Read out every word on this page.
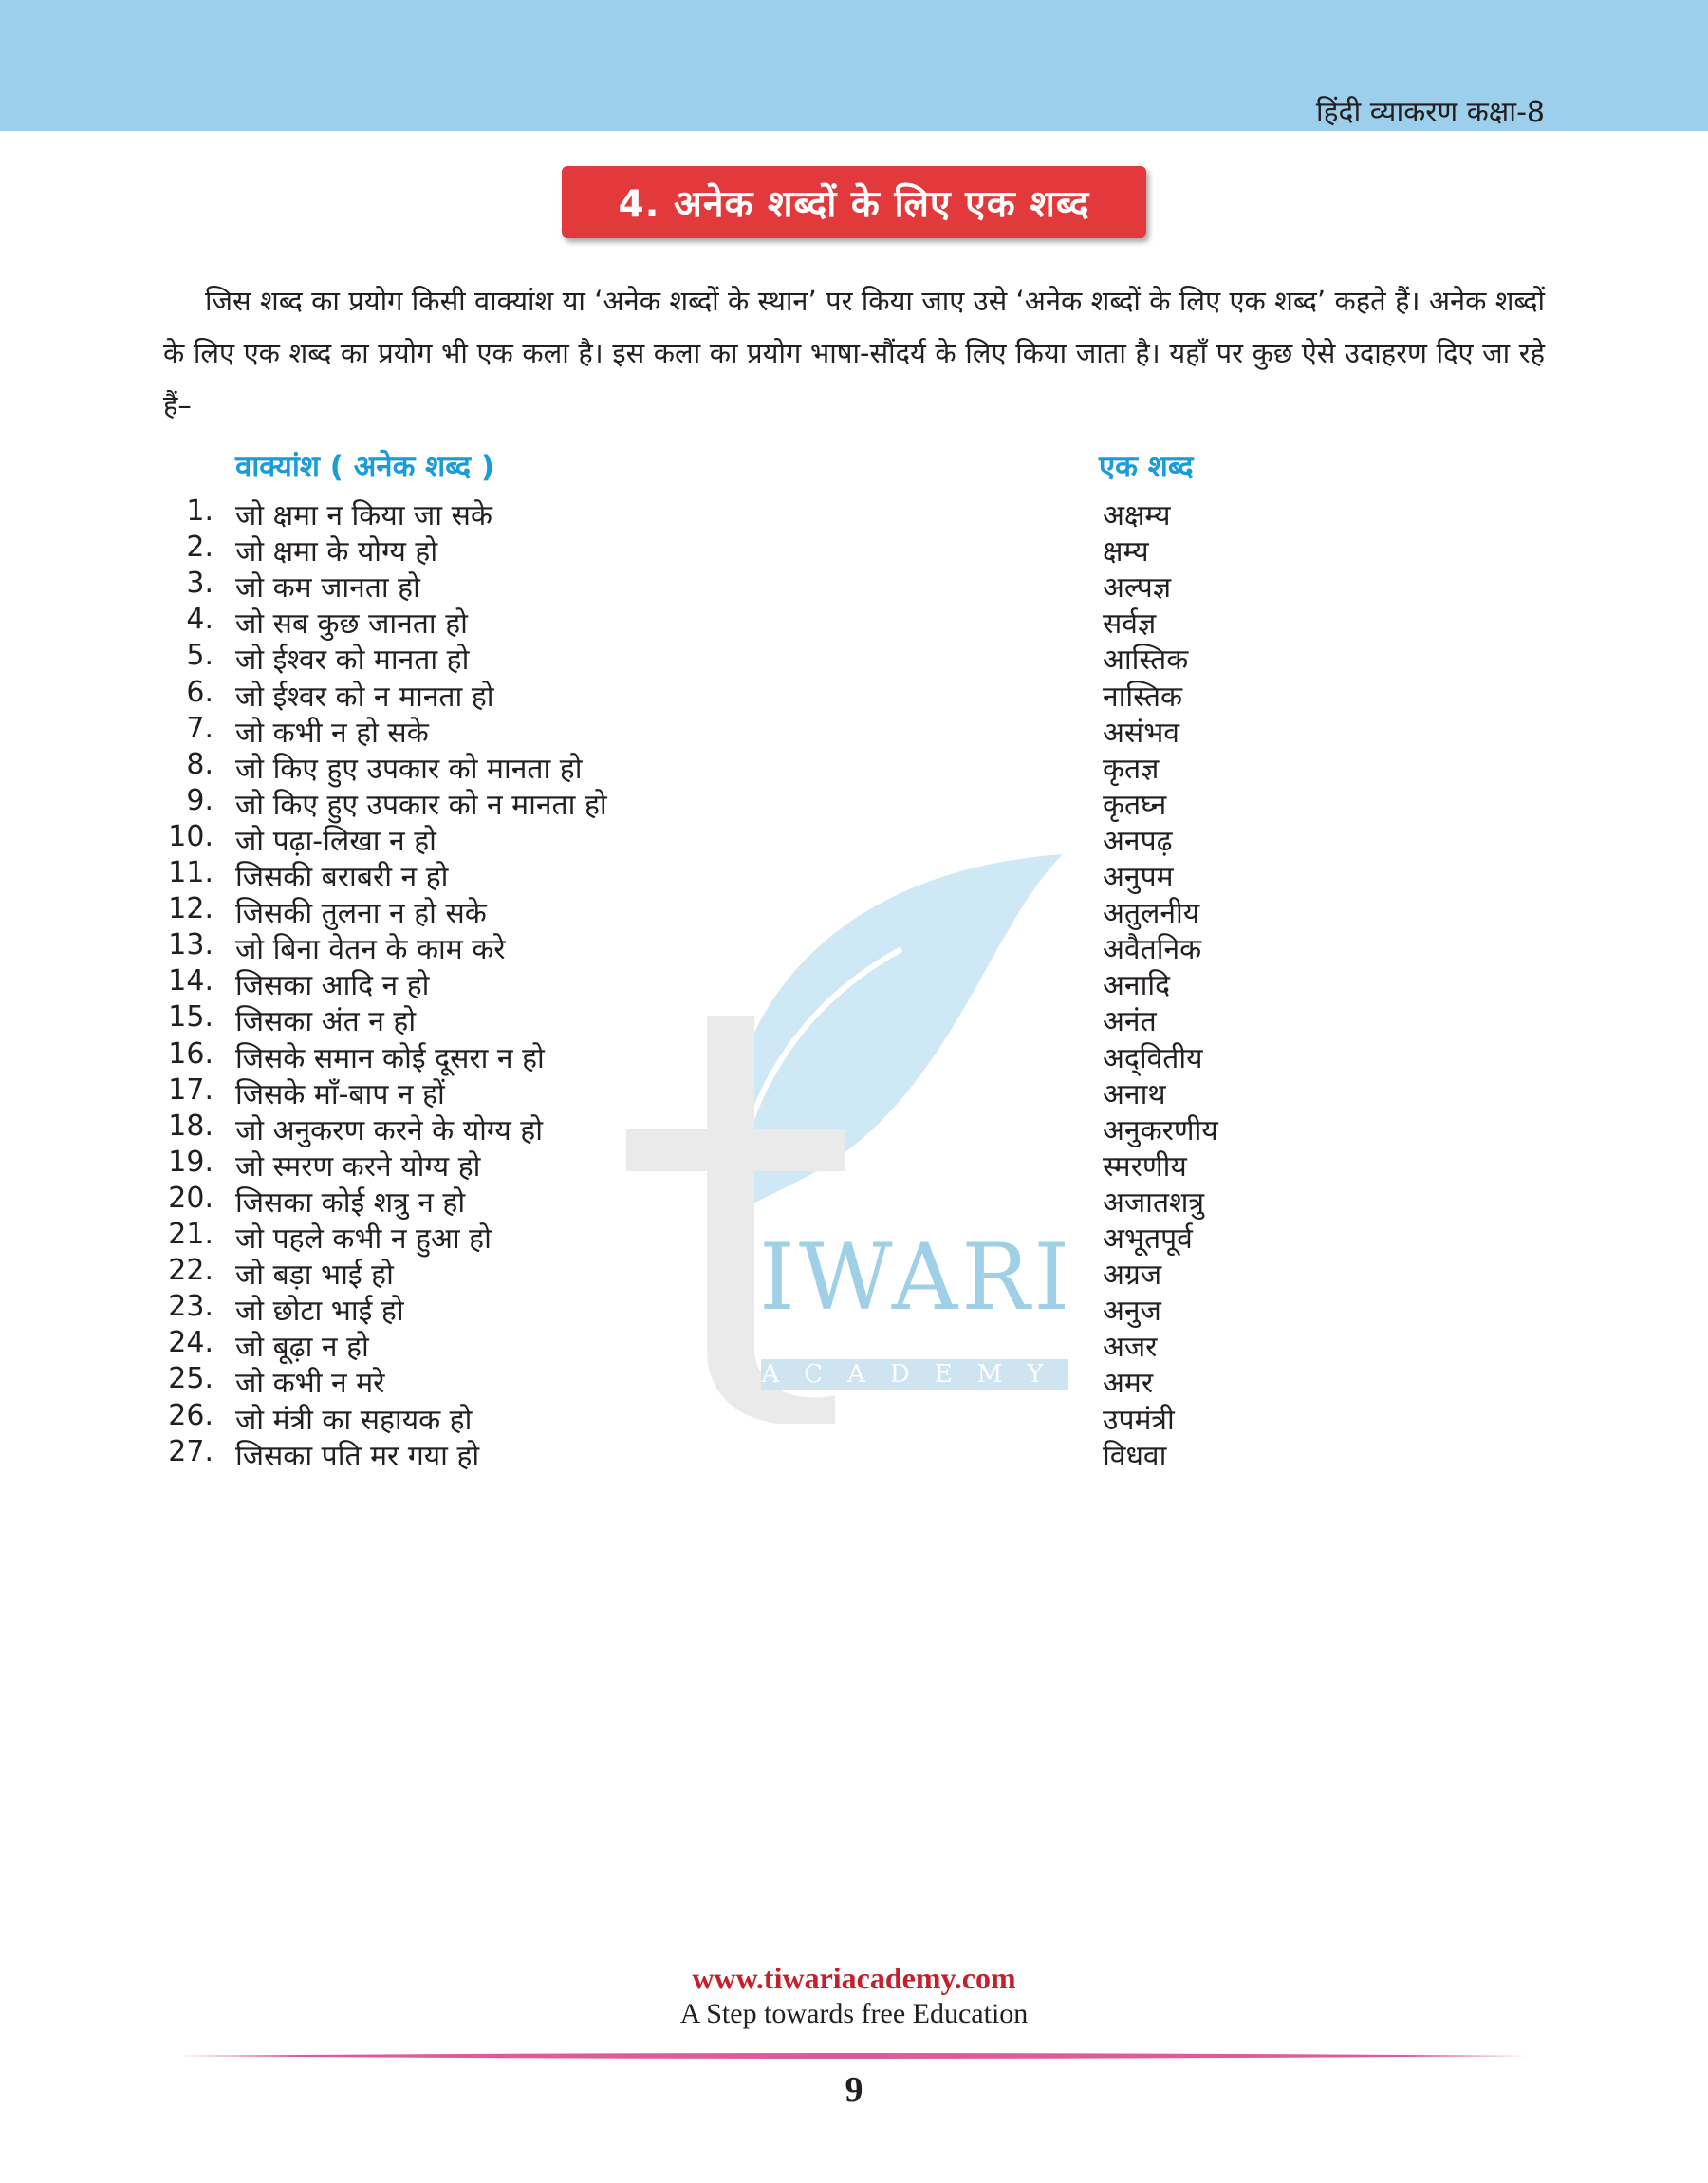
हिंदी व्याकरण कक्षा-8
4. अनेक शब्दों के लिए एक शब्द

जिस शब्द का प्रयोग किसी वाक्यांश या ‘अनेक शब्दों के स्थान’ पर किया जाए उसे ‘अनेक शब्दों के लिए एक शब्द’ कहते हैं। अनेक शब्दों के लिए एक शब्द का प्रयोग भी एक कला है। इस कला का प्रयोग भाषा-सौंदर्य के लिए किया जाता है। यहाँ पर कुछ ऐसे उदाहरण दिए जा रहे हैं–

IWARI
ACADEMY
वाक्यांश ( अनेक शब्द )	एक शब्द
1. जो क्षमा न किया जा सके	अक्षम्य
2. जो क्षमा के योग्य हो	क्षम्य
3. जो कम जानता हो	अल्पज्ञ
4. जो सब कुछ जानता हो	सर्वज्ञ
5. जो ईश्वर को मानता हो	आस्तिक
6. जो ईश्वर को न मानता हो	नास्तिक
7. जो कभी न हो सके	असंभव
8. जो किए हुए उपकार को मानता हो	कृतज्ञ
9. जो किए हुए उपकार को न मानता हो	कृतघ्न
10. जो पढ़ा-लिखा न हो	अनपढ़
11. जिसकी बराबरी न हो	अनुपम
12. जिसकी तुलना न हो सके	अतुलनीय
13. जो बिना वेतन के काम करे	अवैतनिक
14. जिसका आदि न हो	अनादि
15. जिसका अंत न हो	अनंत
16. जिसके समान कोई दूसरा न हो	अद्‌वितीय
17. जिसके माँ-बाप न हों	अनाथ
18. जो अनुकरण करने के योग्य हो	अनुकरणीय
19. जो स्मरण करने योग्य हो	स्मरणीय
20. जिसका कोई शत्रु न हो	अजातशत्रु
21. जो पहले कभी न हुआ हो	अभूतपूर्व
22. जो बड़ा भाई हो	अग्रज
23. जो छोटा भाई हो	अनुज
24. जो बूढ़ा न हो	अजर
25. जो कभी न मरे	अमर
26. जो मंत्री का सहायक हो	उपमंत्री
27. जिसका पति मर गया हो	विधवा
www.tiwariacademy.com
A Step towards free Education
9
